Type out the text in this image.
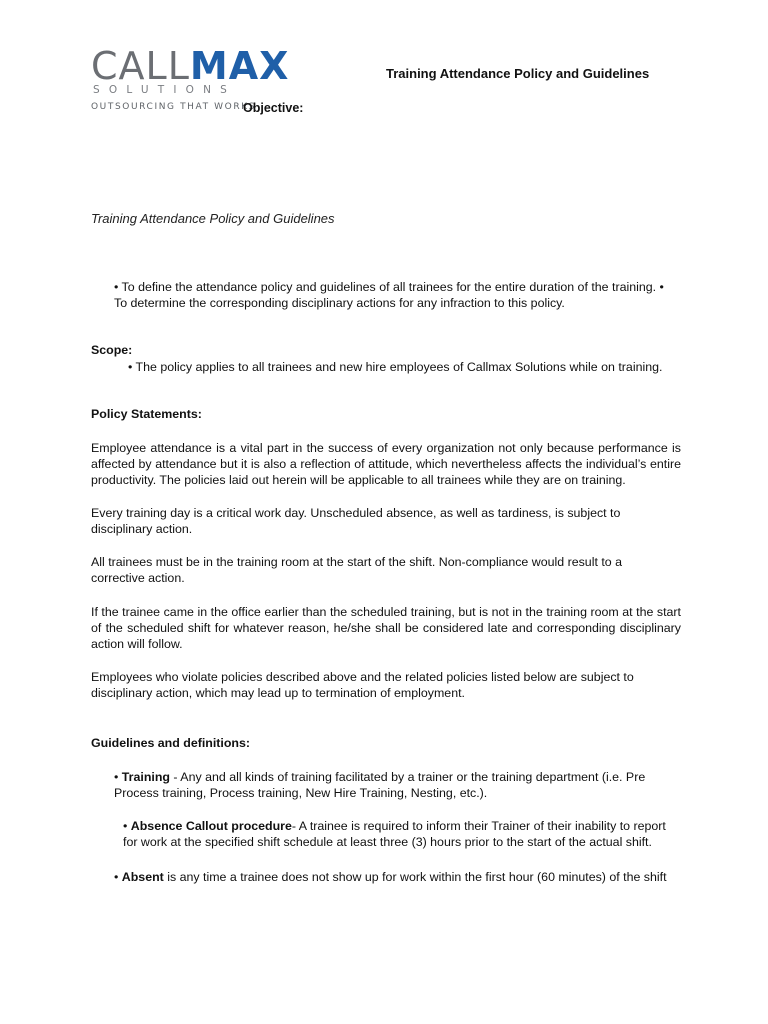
CALLMAX
SOLUTIONS
OUTSOURCING THAT WORKS
Objective:
Training Attendance Policy and Guidelines
Training Attendance Policy and Guidelines
• To define the attendance policy and guidelines of all trainees for the entire duration of the training. •
To determine the corresponding disciplinary actions for any infraction to this policy.
Scope:
• The policy applies to all trainees and new hire employees of Callmax Solutions while on training.
Policy Statements:
Employee attendance is a vital part in the success of every organization not only because performance is affected by attendance but it is also a reflection of attitude, which nevertheless affects the individual’s entire productivity. The policies laid out herein will be applicable to all trainees while they are on training.
Every training day is a critical work day. Unscheduled absence, as well as tardiness, is subject to disciplinary action.
All trainees must be in the training room at the start of the shift. Non-compliance would result to a corrective action.
If the trainee came in the office earlier than the scheduled training, but is not in the training room at the start of the scheduled shift for whatever reason, he/she shall be considered late and corresponding disciplinary action will follow.
Employees who violate policies described above and the related policies listed below are subject to disciplinary action, which may lead up to termination of employment.
Guidelines and definitions:
• Training - Any and all kinds of training facilitated by a trainer or the training department (i.e. Pre Process training, Process training, New Hire Training, Nesting, etc.).
• Absence Callout procedure- A trainee is required to inform their Trainer of their inability to report for work at the specified shift schedule at least three (3) hours prior to the start of the actual shift.
• Absent is any time a trainee does not show up for work within the first hour (60 minutes) of the shift
